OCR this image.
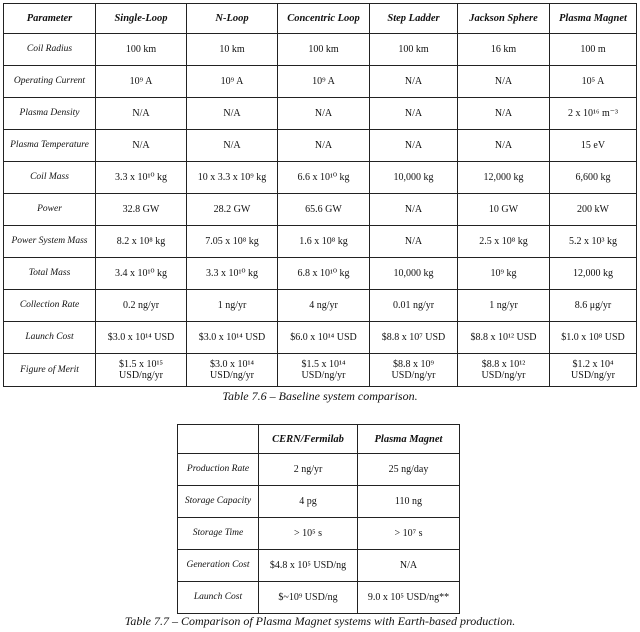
Parameter	Single-Loop	N-Loop	Concentric Loop	Step Ladder	Jackson Sphere	Plasma Magnet
Coil Radius	100 km	10 km	100 km	100 km	16 km	100 m
Operating Current	10⁹ A	10⁹ A	10⁹ A	N/A	N/A	10⁵ A
Plasma Density	N/A	N/A	N/A	N/A	N/A	2 x 10¹⁶ m⁻³
Plasma Temperature	N/A	N/A	N/A	N/A	N/A	15 eV
Coil Mass	3.3 x 10¹⁰ kg	10 x 3.3 x 10⁹ kg	6.6 x 10¹⁰ kg	10,000 kg	12,000 kg	6,600 kg
Power	32.8 GW	28.2 GW	65.6 GW	N/A	10 GW	200 kW
Power System Mass	8.2 x 10⁸ kg	7.05 x 10⁸ kg	1.6 x 10⁸ kg	N/A	2.5 x 10⁸ kg	5.2 x 10³ kg
Total Mass	3.4 x 10¹⁰ kg	3.3 x 10¹⁰ kg	6.8 x 10¹⁰ kg	10,000 kg	10⁹ kg	12,000 kg
Collection Rate	0.2 ng/yr	1 ng/yr	4 ng/yr	0.01 ng/yr	1 ng/yr	8.6 μg/yr
Launch Cost	$3.0 x 10¹⁴ USD	$3.0 x 10¹⁴ USD	$6.0 x 10¹⁴ USD	$8.8 x 10⁷ USD	$8.8 x 10¹² USD	$1.0 x 10⁸ USD
Figure of Merit	$1.5 x 10¹⁵ USD/ng/yr	$3.0 x 10¹⁴ USD/ng/yr	$1.5 x 10¹⁴ USD/ng/yr	$8.8 x 10⁹ USD/ng/yr	$8.8 x 10¹² USD/ng/yr	$1.2 x 10⁴ USD/ng/yr
Table 7.6 – Baseline system comparison.
	CERN/Fermilab	Plasma Magnet
Production Rate	2 ng/yr	25 ng/day
Storage Capacity	4 pg	110 ng
Storage Time	> 10⁵ s	> 10⁷ s
Generation Cost	$4.8 x 10⁵ USD/ng	N/A
Launch Cost	$~10⁹ USD/ng	9.0 x 10⁵ USD/ng**
Table 7.7 – Comparison of Plasma Magnet systems with Earth-based production.
